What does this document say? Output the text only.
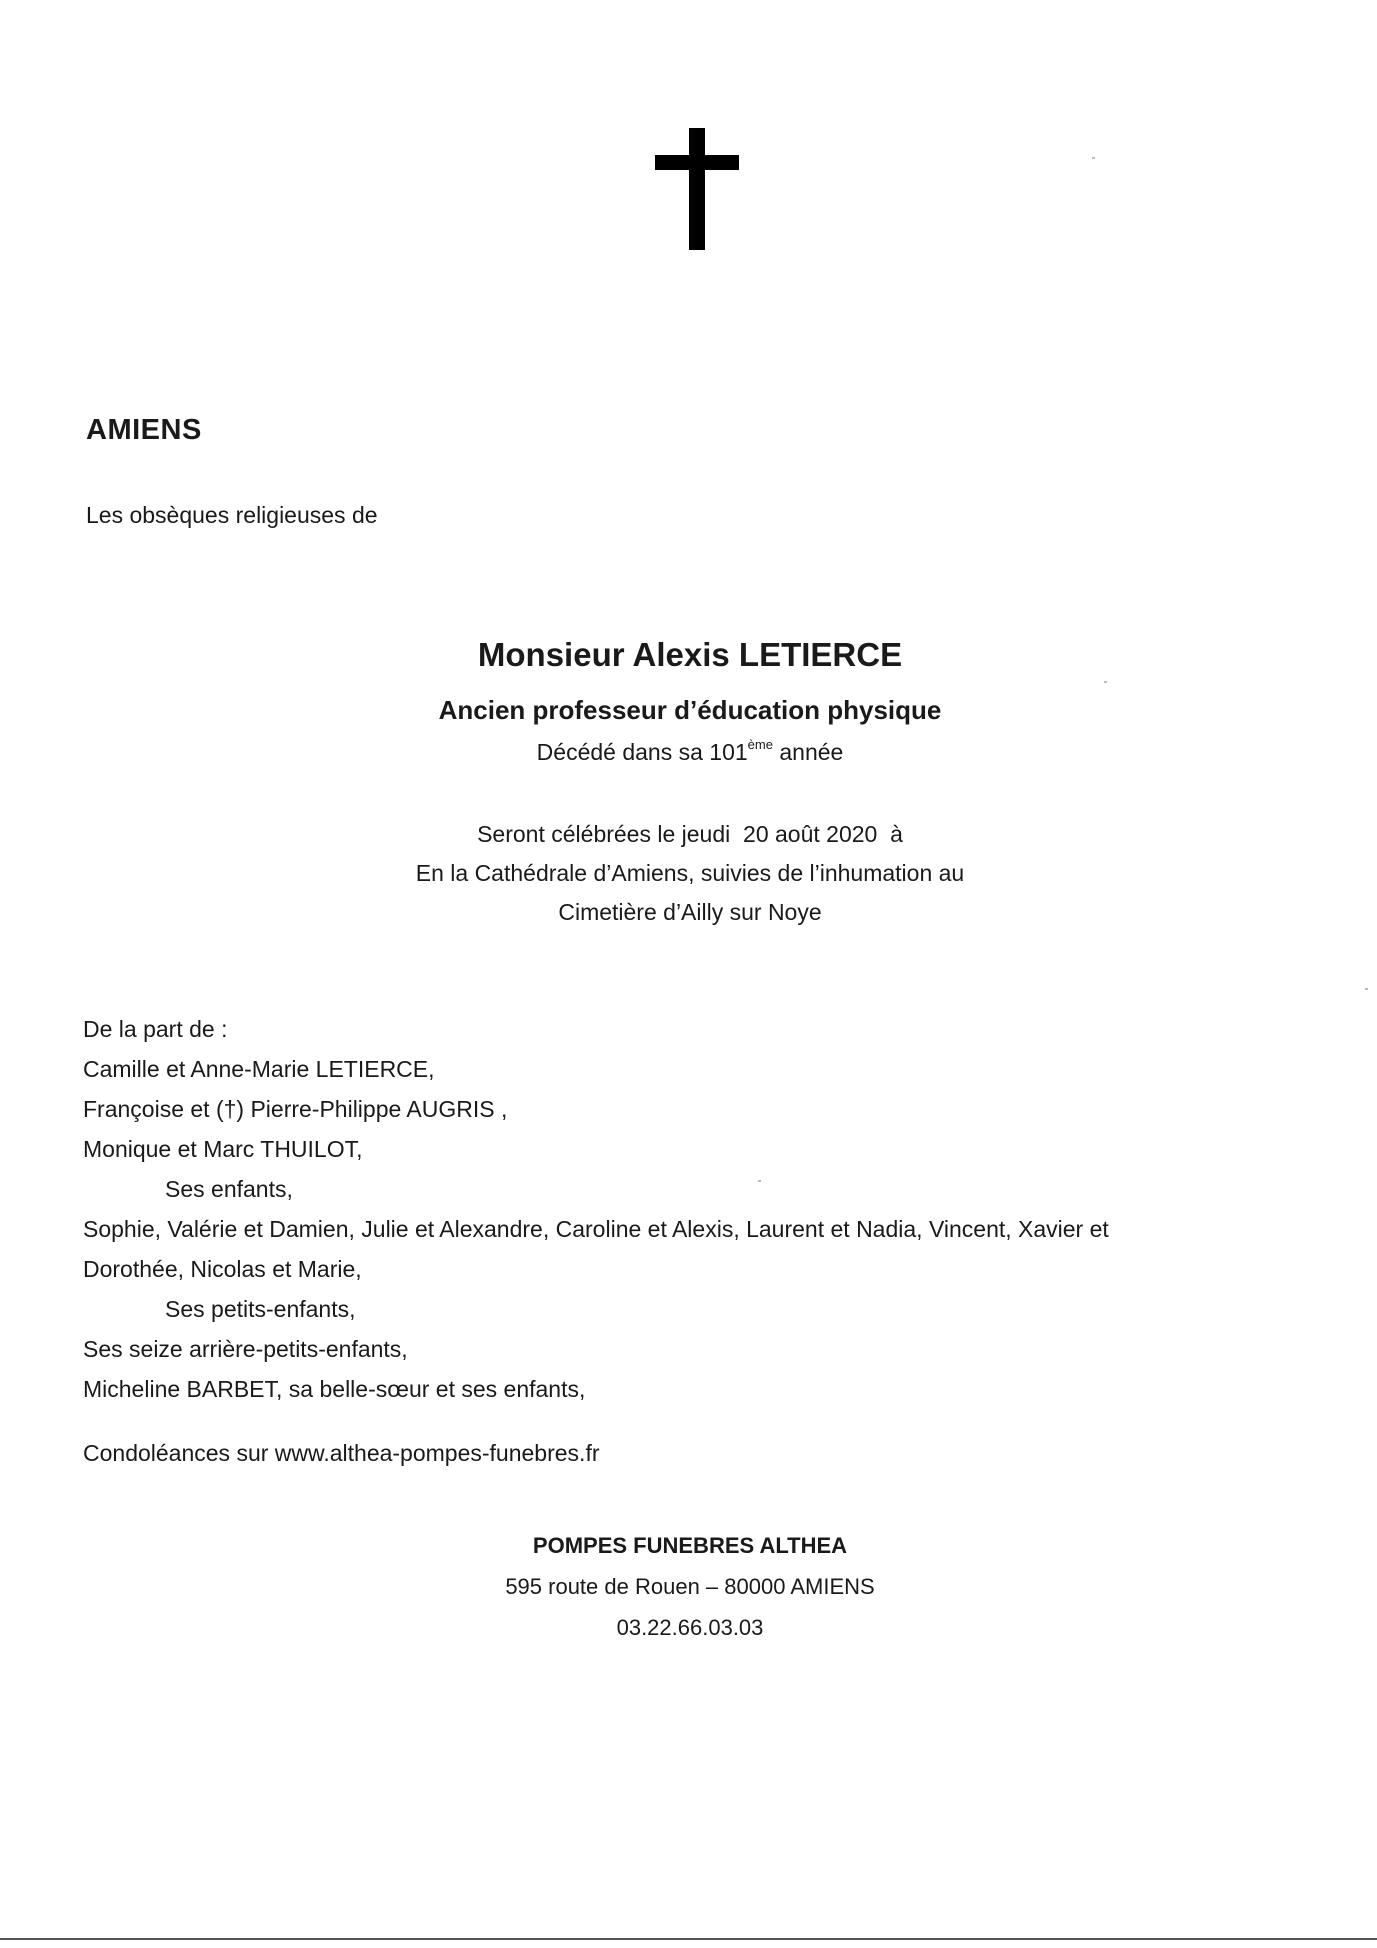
AMIENS
Les obsèques religieuses de
Monsieur Alexis LETIERCE
Ancien professeur d’éducation physique
Décédé dans sa 101ème année
Seront célébrées le jeudi  20 août 2020  à
En la Cathédrale d’Amiens, suivies de l’inhumation au
Cimetière d’Ailly sur Noye
De la part de :
Camille et Anne-Marie LETIERCE,
Françoise et (†) Pierre-Philippe AUGRIS ,
Monique et Marc THUILOT,
Ses enfants,
Sophie, Valérie et Damien, Julie et Alexandre, Caroline et Alexis, Laurent et Nadia, Vincent, Xavier et
Dorothée, Nicolas et Marie,
Ses petits-enfants,
Ses seize arrière-petits-enfants,
Micheline BARBET, sa belle-sœur et ses enfants,
Condoléances sur www.althea-pompes-funebres.fr
POMPES FUNEBRES ALTHEA
595 route de Rouen – 80000 AMIENS
03.22.66.03.03
